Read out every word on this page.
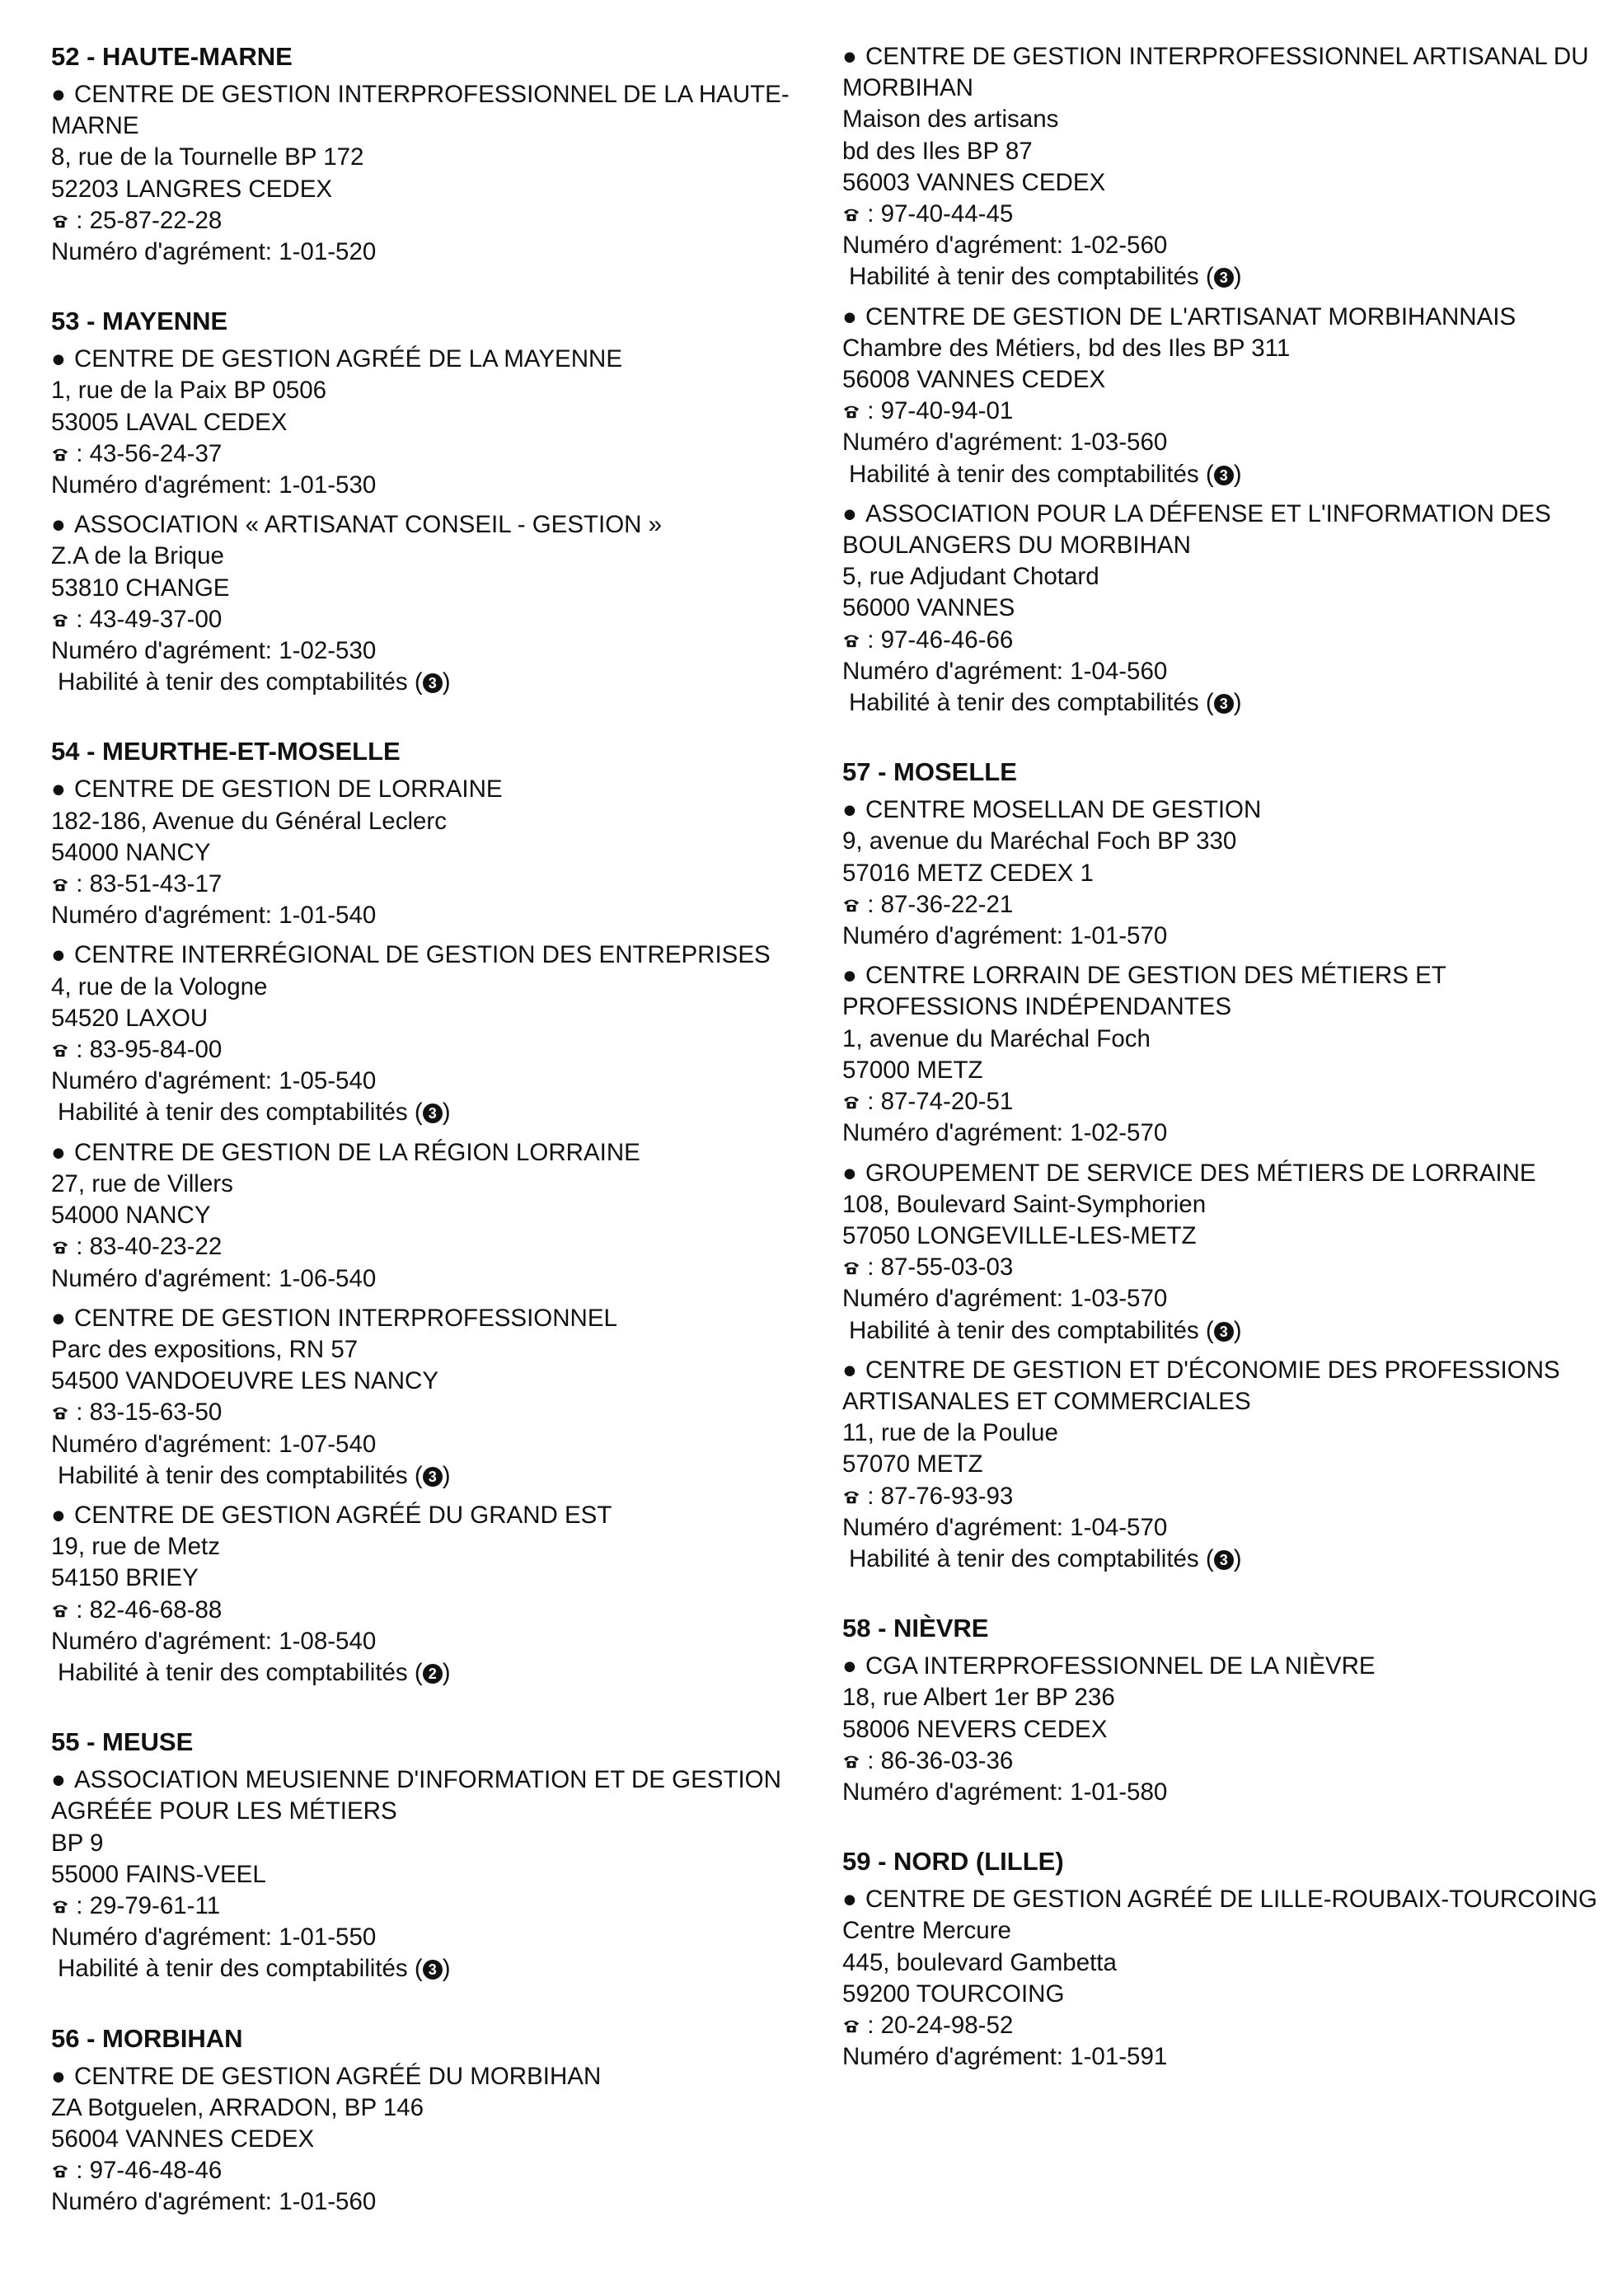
52 - HAUTE-MARNE
● CENTRE DE GESTION INTERPROFESSIONNEL DE LA HAUTE-MARNE
8, rue de la Tournelle BP 172
52203 LANGRES CEDEX
: 25-87-22-28
Numéro d'agrément: 1-01-520
53 - MAYENNE
● CENTRE DE GESTION AGRÉÉ DE LA MAYENNE
1, rue de la Paix BP 0506
53005 LAVAL CEDEX
: 43-56-24-37
Numéro d'agrément: 1-01-530
● ASSOCIATION « ARTISANAT CONSEIL - GESTION »
Z.A de la Brique
53810 CHANGE
: 43-49-37-00
Numéro d'agrément: 1-02-530
Habilité à tenir des comptabilités ( 3 )
54 - MEURTHE-ET-MOSELLE
● CENTRE DE GESTION DE LORRAINE
182-186, Avenue du Général Leclerc
54000 NANCY
: 83-51-43-17
Numéro d'agrément: 1-01-540
● CENTRE INTERRÉGIONAL DE GESTION DES ENTREPRISES
4, rue de la Vologne
54520 LAXOU
: 83-95-84-00
Numéro d'agrément: 1-05-540
Habilité à tenir des comptabilités ( 3 )
● CENTRE DE GESTION DE LA RÉGION LORRAINE
27, rue de Villers
54000 NANCY
: 83-40-23-22
Numéro d'agrément: 1-06-540
● CENTRE DE GESTION INTERPROFESSIONNEL
Parc des expositions, RN 57
54500 VANDOEUVRE LES NANCY
: 83-15-63-50
Numéro d'agrément: 1-07-540
Habilité à tenir des comptabilités ( 3 )
● CENTRE DE GESTION AGRÉÉ DU GRAND EST
19, rue de Metz
54150 BRIEY
: 82-46-68-88
Numéro d'agrément: 1-08-540
Habilité à tenir des comptabilités ( 2 )
55 - MEUSE
● ASSOCIATION MEUSIENNE D'INFORMATION ET DE GESTION AGRÉÉE POUR LES MÉTIERS
BP 9
55000 FAINS-VEEL
: 29-79-61-11
Numéro d'agrément: 1-01-550
Habilité à tenir des comptabilités ( 3 )
56 - MORBIHAN
● CENTRE DE GESTION AGRÉÉ DU MORBIHAN
ZA Botguelen, ARRADON, BP 146
56004 VANNES CEDEX
: 97-46-48-46
Numéro d'agrément: 1-01-560
● CENTRE DE GESTION INTERPROFESSIONNEL ARTISANAL DU MORBIHAN
Maison des artisans
bd des Iles BP 87
56003 VANNES CEDEX
: 97-40-44-45
Numéro d'agrément: 1-02-560
Habilité à tenir des comptabilités ( 3 )
● CENTRE DE GESTION DE L'ARTISANAT MORBIHANNAIS
Chambre des Métiers, bd des Iles BP 311
56008 VANNES CEDEX
: 97-40-94-01
Numéro d'agrément: 1-03-560
Habilité à tenir des comptabilités ( 3 )
● ASSOCIATION POUR LA DÉFENSE ET L'INFORMATION DES BOULANGERS DU MORBIHAN
5, rue Adjudant Chotard
56000 VANNES
: 97-46-46-66
Numéro d'agrément: 1-04-560
Habilité à tenir des comptabilités ( 3 )
57 - MOSELLE
● CENTRE MOSELLAN DE GESTION
9, avenue du Maréchal Foch BP 330
57016 METZ CEDEX 1
: 87-36-22-21
Numéro d'agrément: 1-01-570
● CENTRE LORRAIN DE GESTION DES MÉTIERS ET PROFESSIONS INDÉPENDANTES
1, avenue du Maréchal Foch
57000 METZ
: 87-74-20-51
Numéro d'agrément: 1-02-570
● GROUPEMENT DE SERVICE DES MÉTIERS DE LORRAINE
108, Boulevard Saint-Symphorien
57050 LONGEVILLE-LES-METZ
: 87-55-03-03
Numéro d'agrément: 1-03-570
Habilité à tenir des comptabilités ( 3 )
● CENTRE DE GESTION ET D'ÉCONOMIE DES PROFESSIONS ARTISANALES ET COMMERCIALES
11, rue de la Poulue
57070 METZ
: 87-76-93-93
Numéro d'agrément: 1-04-570
Habilité à tenir des comptabilités ( 3 )
58 - NIÈVRE
● CGA INTERPROFESSIONNEL DE LA NIÈVRE
18, rue Albert 1er BP 236
58006 NEVERS CEDEX
: 86-36-03-36
Numéro d'agrément: 1-01-580
59 - NORD (LILLE)
● CENTRE DE GESTION AGRÉÉ DE LILLE-ROUBAIX-TOURCOING
Centre Mercure
445, boulevard Gambetta
59200 TOURCOING
: 20-24-98-52
Numéro d'agrément: 1-01-591
